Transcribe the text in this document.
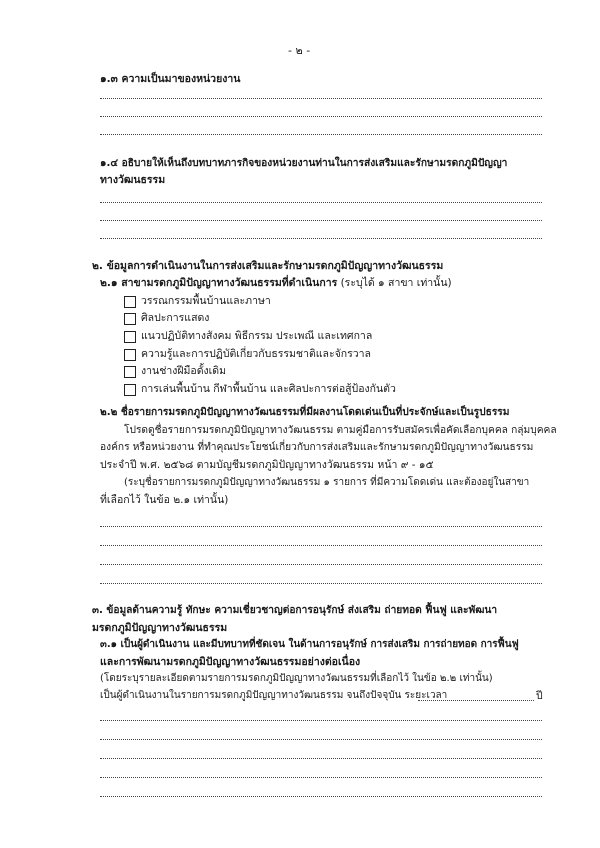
- ๒ -
๑.๓ ความเป็นมาของหน่วยงาน
๑.๔ อธิบายให้เห็นถึงบทบาทภารกิจของหน่วยงานท่านในการส่งเสริมและรักษามรดกภูมิปัญญา
ทางวัฒนธรรม
๒. ข้อมูลการดำเนินงานในการส่งเสริมและรักษามรดกภูมิปัญญาทางวัฒนธรรม
๒.๑ สาขามรดกภูมิปัญญาทางวัฒนธรรมที่ดำเนินการ (ระบุได้ ๑ สาขา เท่านั้น)
วรรณกรรมพื้นบ้านและภาษา
ศิลปะการแสดง
แนวปฏิบัติทางสังคม พิธีกรรม ประเพณี และเทศกาล
ความรู้และการปฏิบัติเกี่ยวกับธรรมชาติและจักรวาล
งานช่างฝีมือดั้งเดิม
การเล่นพื้นบ้าน กีฬาพื้นบ้าน และศิลปะการต่อสู้ป้องกันตัว
๒.๒ ชื่อรายการมรดกภูมิปัญญาทางวัฒนธรรมที่มีผลงานโดดเด่นเป็นที่ประจักษ์และเป็นรูปธรรม
โปรดดูชื่อรายการมรดกภูมิปัญญาทางวัฒนธรรม ตามคู่มือการรับสมัครเพื่อคัดเลือกบุคคล กลุ่มบุคคล
องค์กร หรือหน่วยงาน ที่ทำคุณประโยชน์เกี่ยวกับการส่งเสริมและรักษามรดกภูมิปัญญาทางวัฒนธรรม
ประจำปี พ.ศ. ๒๕๖๘ ตามบัญชีมรดกภูมิปัญญาทางวัฒนธรรม หน้า ๙ - ๑๕
(ระบุชื่อรายการมรดกภูมิปัญญาทางวัฒนธรรม ๑ รายการ ที่มีความโดดเด่น และต้องอยู่ในสาขา
ที่เลือกไว้ ในข้อ ๒.๑ เท่านั้น)
๓. ข้อมูลด้านความรู้ ทักษะ ความเชี่ยวชาญต่อการอนุรักษ์ ส่งเสริม ถ่ายทอด ฟื้นฟู และพัฒนา
มรดกภูมิปัญญาทางวัฒนธรรม
๓.๑ เป็นผู้ดำเนินงาน และมีบทบาทที่ชัดเจน ในด้านการอนุรักษ์ การส่งเสริม การถ่ายทอด การฟื้นฟู
และการพัฒนามรดกภูมิปัญญาทางวัฒนธรรมอย่างต่อเนื่อง
(โดยระบุรายละเอียดตามรายการมรดกภูมิปัญญาทางวัฒนธรรมที่เลือกไว้ ในข้อ ๒.๒ เท่านั้น)
เป็นผู้ดำเนินงานในรายการมรดกภูมิปัญญาทางวัฒนธรรม จนถึงปัจจุบัน ระยะเวลา	ปี
